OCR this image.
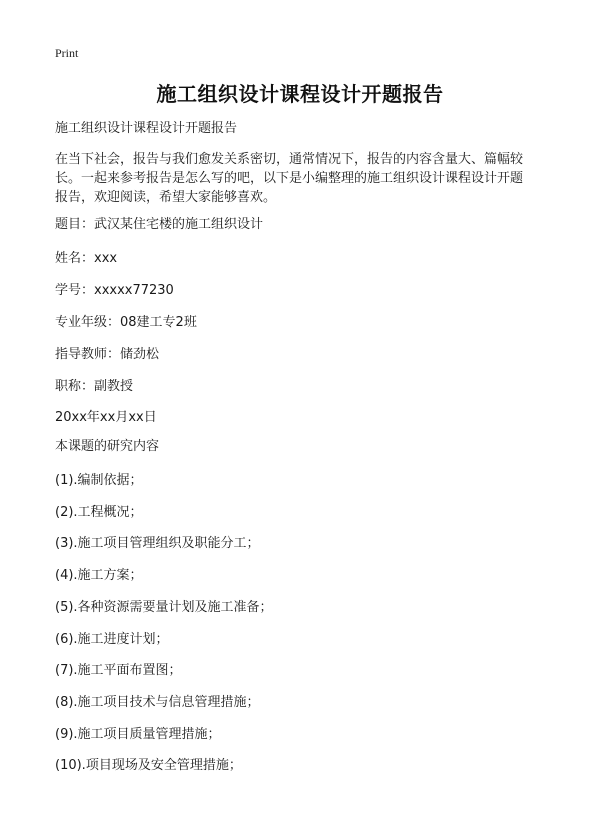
Print
施工组织设计课程设计开题报告

施工组织设计课程设计开题报告

在当下社会，报告与我们愈发关系密切，通常情况下，报告的内容含量大、篇幅较
长。一起来参考报告是怎么写的吧，以下是小编整理的施工组织设计课程设计开题
报告，欢迎阅读，希望大家能够喜欢。

题目：武汉某住宅楼的施工组织设计

姓名：xxx

学号：xxxxx77230

专业年级：08建工专2班

指导教师：储劲松

职称：副教授

20xx年xx月xx日

本课题的研究内容

(1).编制依据；

(2).工程概况；

(3).施工项目管理组织及职能分工；

(4).施工方案；

(5).各种资源需要量计划及施工准备；

(6).施工进度计划；

(7).施工平面布置图；

(8).施工项目技术与信息管理措施；

(9).施工项目质量管理措施；

(10).项目现场及安全管理措施；
